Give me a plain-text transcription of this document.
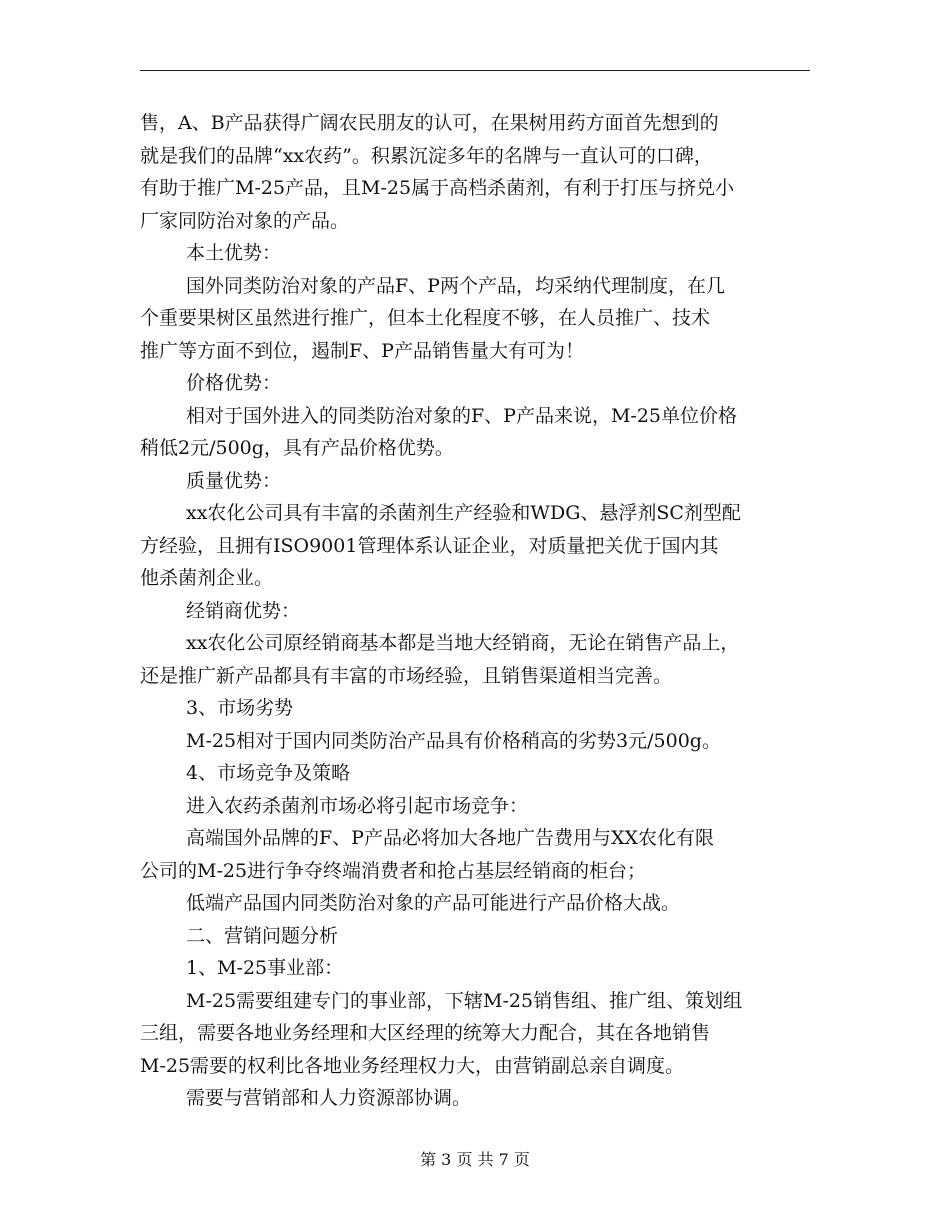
售，A、B产品获得广阔农民朋友的认可，在果树用药方面首先想到的
就是我们的品牌“xx农药”。积累沉淀多年的名牌与一直认可的口碑，
有助于推广M-25产品，且M-25属于高档杀菌剂，有利于打压与挤兑小
厂家同防治对象的产品。
本土优势：
国外同类防治对象的产品F、P两个产品，均采纳代理制度，在几
个重要果树区虽然进行推广，但本土化程度不够，在人员推广、技术
推广等方面不到位，遏制F、P产品销售量大有可为！
价格优势：
相对于国外进入的同类防治对象的F、P产品来说，M-25单位价格
稍低2元/500g，具有产品价格优势。
质量优势：
xx农化公司具有丰富的杀菌剂生产经验和WDG、悬浮剂SC剂型配
方经验，且拥有ISO9001管理体系认证企业，对质量把关优于国内其
他杀菌剂企业。
经销商优势：
xx农化公司原经销商基本都是当地大经销商，无论在销售产品上，
还是推广新产品都具有丰富的市场经验，且销售渠道相当完善。
3、市场劣势
M-25相对于国内同类防治产品具有价格稍高的劣势3元/500g。
4、市场竞争及策略
进入农药杀菌剂市场必将引起市场竞争：
高端国外品牌的F、P产品必将加大各地广告费用与XX农化有限
公司的M-25进行争夺终端消费者和抢占基层经销商的柜台；
低端产品国内同类防治对象的产品可能进行产品价格大战。
二、营销问题分析
1、M-25事业部：
M-25需要组建专门的事业部，下辖M-25销售组、推广组、策划组
三组，需要各地业务经理和大区经理的统筹大力配合，其在各地销售
M-25需要的权利比各地业务经理权力大，由营销副总亲自调度。
需要与营销部和人力资源部协调。
第 3 页 共 7 页
